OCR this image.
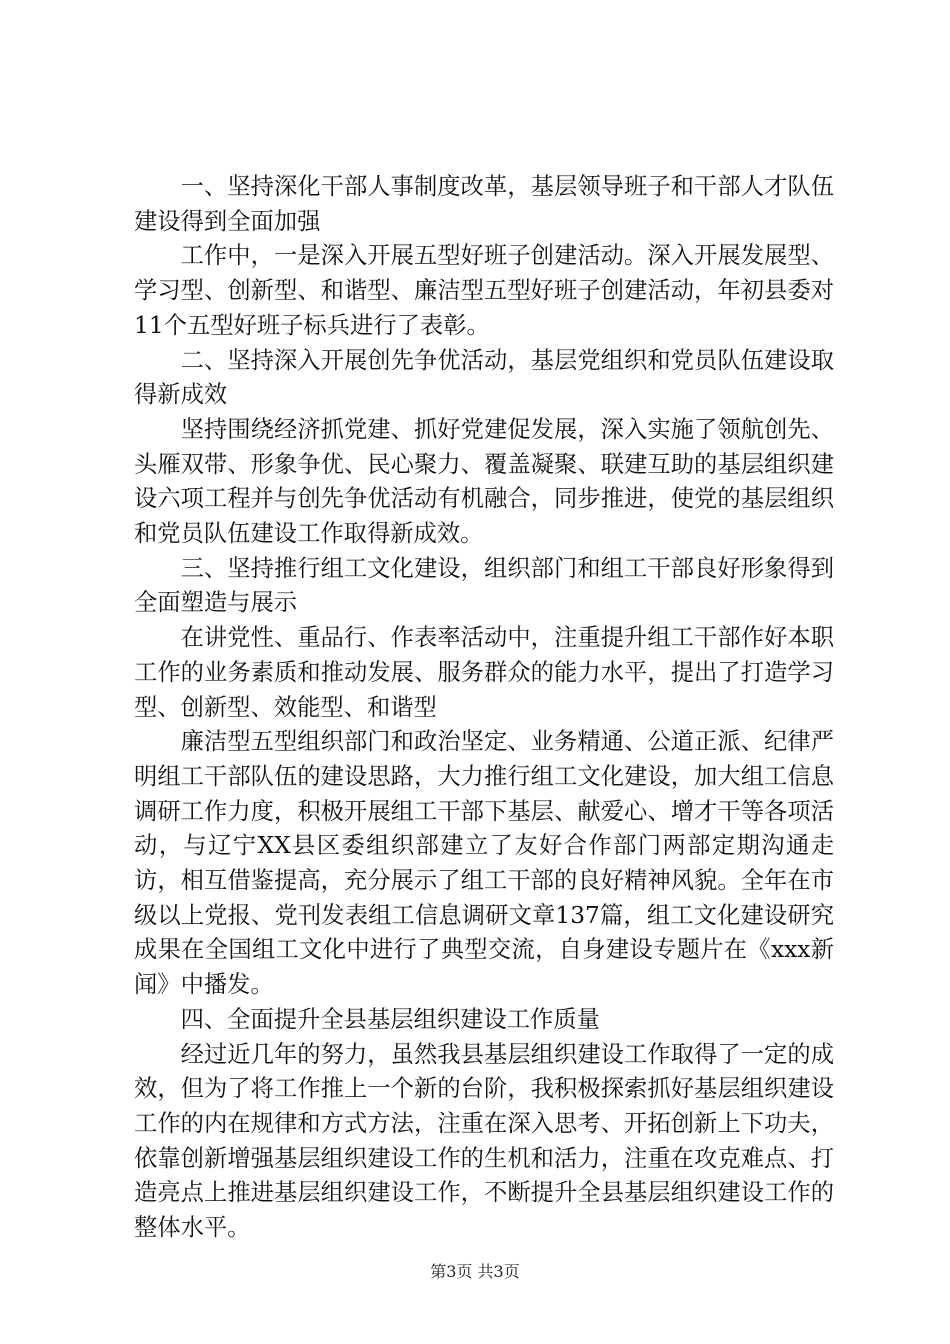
一、坚持深化干部人事制度改革，基层领导班子和干部人才队伍建设得到全面加强

工作中，一是深入开展五型好班子创建活动。深入开展发展型、学习型、创新型、和谐型、廉洁型五型好班子创建活动，年初县委对11个五型好班子标兵进行了表彰。

二、坚持深入开展创先争优活动，基层党组织和党员队伍建设取得新成效

坚持围绕经济抓党建、抓好党建促发展，深入实施了领航创先、头雁双带、形象争优、民心聚力、覆盖凝聚、联建互助的基层组织建设六项工程并与创先争优活动有机融合，同步推进，使党的基层组织和党员队伍建设工作取得新成效。

三、坚持推行组工文化建设，组织部门和组工干部良好形象得到全面塑造与展示

在讲党性、重品行、作表率活动中，注重提升组工干部作好本职工作的业务素质和推动发展、服务群众的能力水平，提出了打造学习型、创新型、效能型、和谐型

廉洁型五型组织部门和政治坚定、业务精通、公道正派、纪律严明组工干部队伍的建设思路，大力推行组工文化建设，加大组工信息调研工作力度，积极开展组工干部下基层、献爱心、增才干等各项活动，与辽宁XX县区委组织部建立了友好合作部门两部定期沟通走访，相互借鉴提高，充分展示了组工干部的良好精神风貌。全年在市级以上党报、党刊发表组工信息调研文章137篇，组工文化建设研究成果在全国组工文化中进行了典型交流，自身建设专题片在《xxx新闻》中播发。

四、全面提升全县基层组织建设工作质量

经过近几年的努力，虽然我县基层组织建设工作取得了一定的成效，但为了将工作推上一个新的台阶，我积极探索抓好基层组织建设工作的内在规律和方式方法，注重在深入思考、开拓创新上下功夫，依靠创新增强基层组织建设工作的生机和活力，注重在攻克难点、打造亮点上推进基层组织建设工作，不断提升全县基层组织建设工作的整体水平。

第3页 共3页
